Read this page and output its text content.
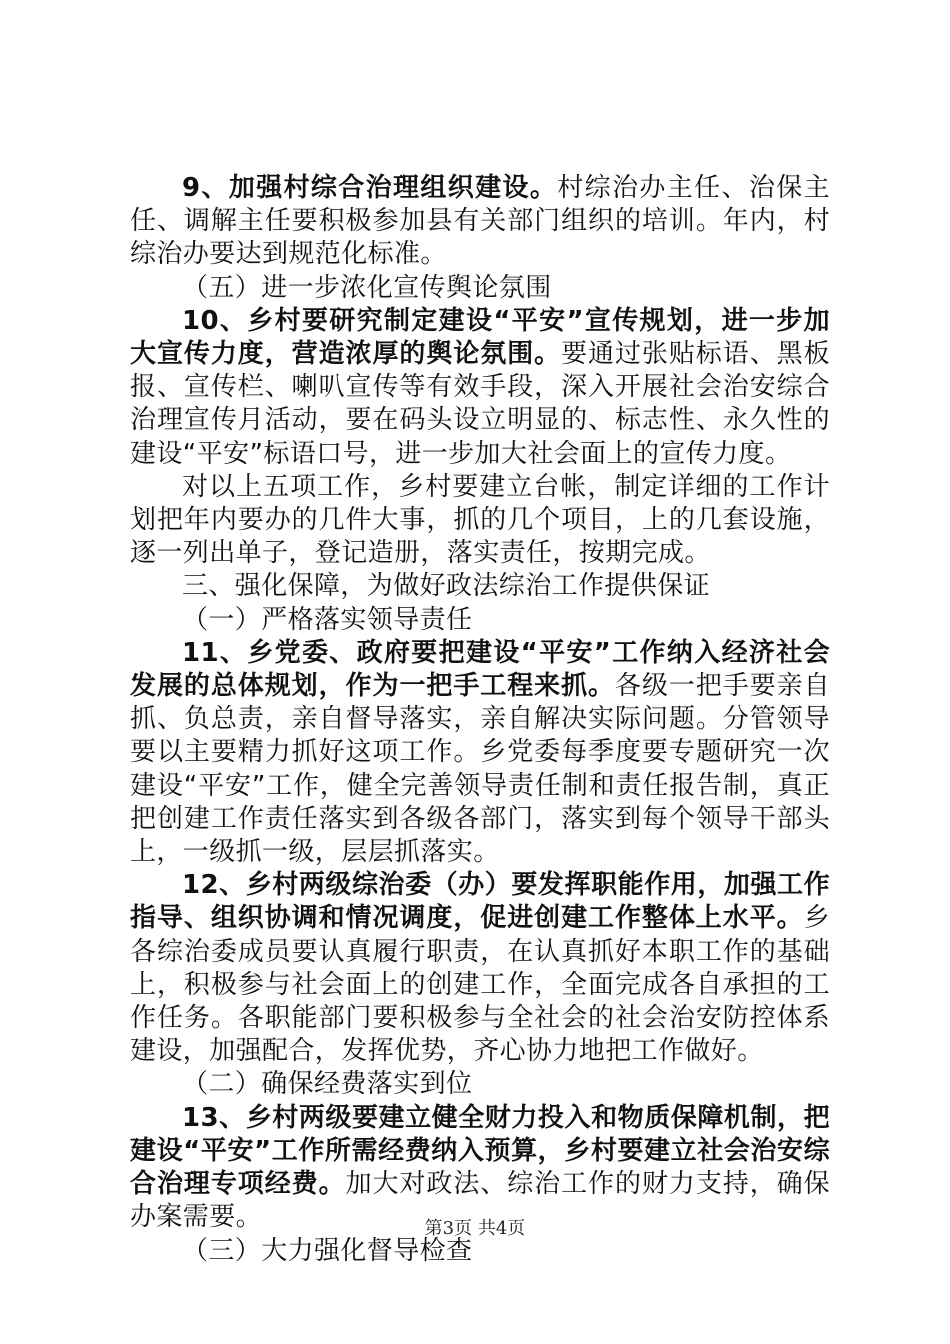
9、加强村综合治理组织建设。村综治办主任、治保主任、调解主任要积极参加县有关部门组织的培训。年内，村综治办要达到规范化标准。

（五）进一步浓化宣传舆论氛围

10、乡村要研究制定建设“平安”宣传规划，进一步加大宣传力度，营造浓厚的舆论氛围。要通过张贴标语、黑板报、宣传栏、喇叭宣传等有效手段，深入开展社会治安综合治理宣传月活动，要在码头设立明显的、标志性、永久性的建设“平安”标语口号，进一步加大社会面上的宣传力度。

对以上五项工作，乡村要建立台帐，制定详细的工作计划把年内要办的几件大事，抓的几个项目，上的几套设施，逐一列出单子，登记造册，落实责任，按期完成。

三、强化保障，为做好政法综治工作提供保证

（一）严格落实领导责任

11、乡党委、政府要把建设“平安”工作纳入经济社会发展的总体规划，作为一把手工程来抓。各级一把手要亲自抓、负总责，亲自督导落实，亲自解决实际问题。分管领导要以主要精力抓好这项工作。乡党委每季度要专题研究一次建设“平安”工作，健全完善领导责任制和责任报告制，真正把创建工作责任落实到各级各部门，落实到每个领导干部头上，一级抓一级，层层抓落实。

12、乡村两级综治委（办）要发挥职能作用，加强工作指导、组织协调和情况调度，促进创建工作整体上水平。乡各综治委成员要认真履行职责，在认真抓好本职工作的基础上，积极参与社会面上的创建工作，全面完成各自承担的工作任务。各职能部门要积极参与全社会的社会治安防控体系建设，加强配合，发挥优势，齐心协力地把工作做好。

（二）确保经费落实到位

13、乡村两级要建立健全财力投入和物质保障机制，把建设“平安”工作所需经费纳入预算，乡村要建立社会治安综合治理专项经费。加大对政法、综治工作的财力支持，确保办案需要。

（三）大力强化督导检查

第3页 共4页
